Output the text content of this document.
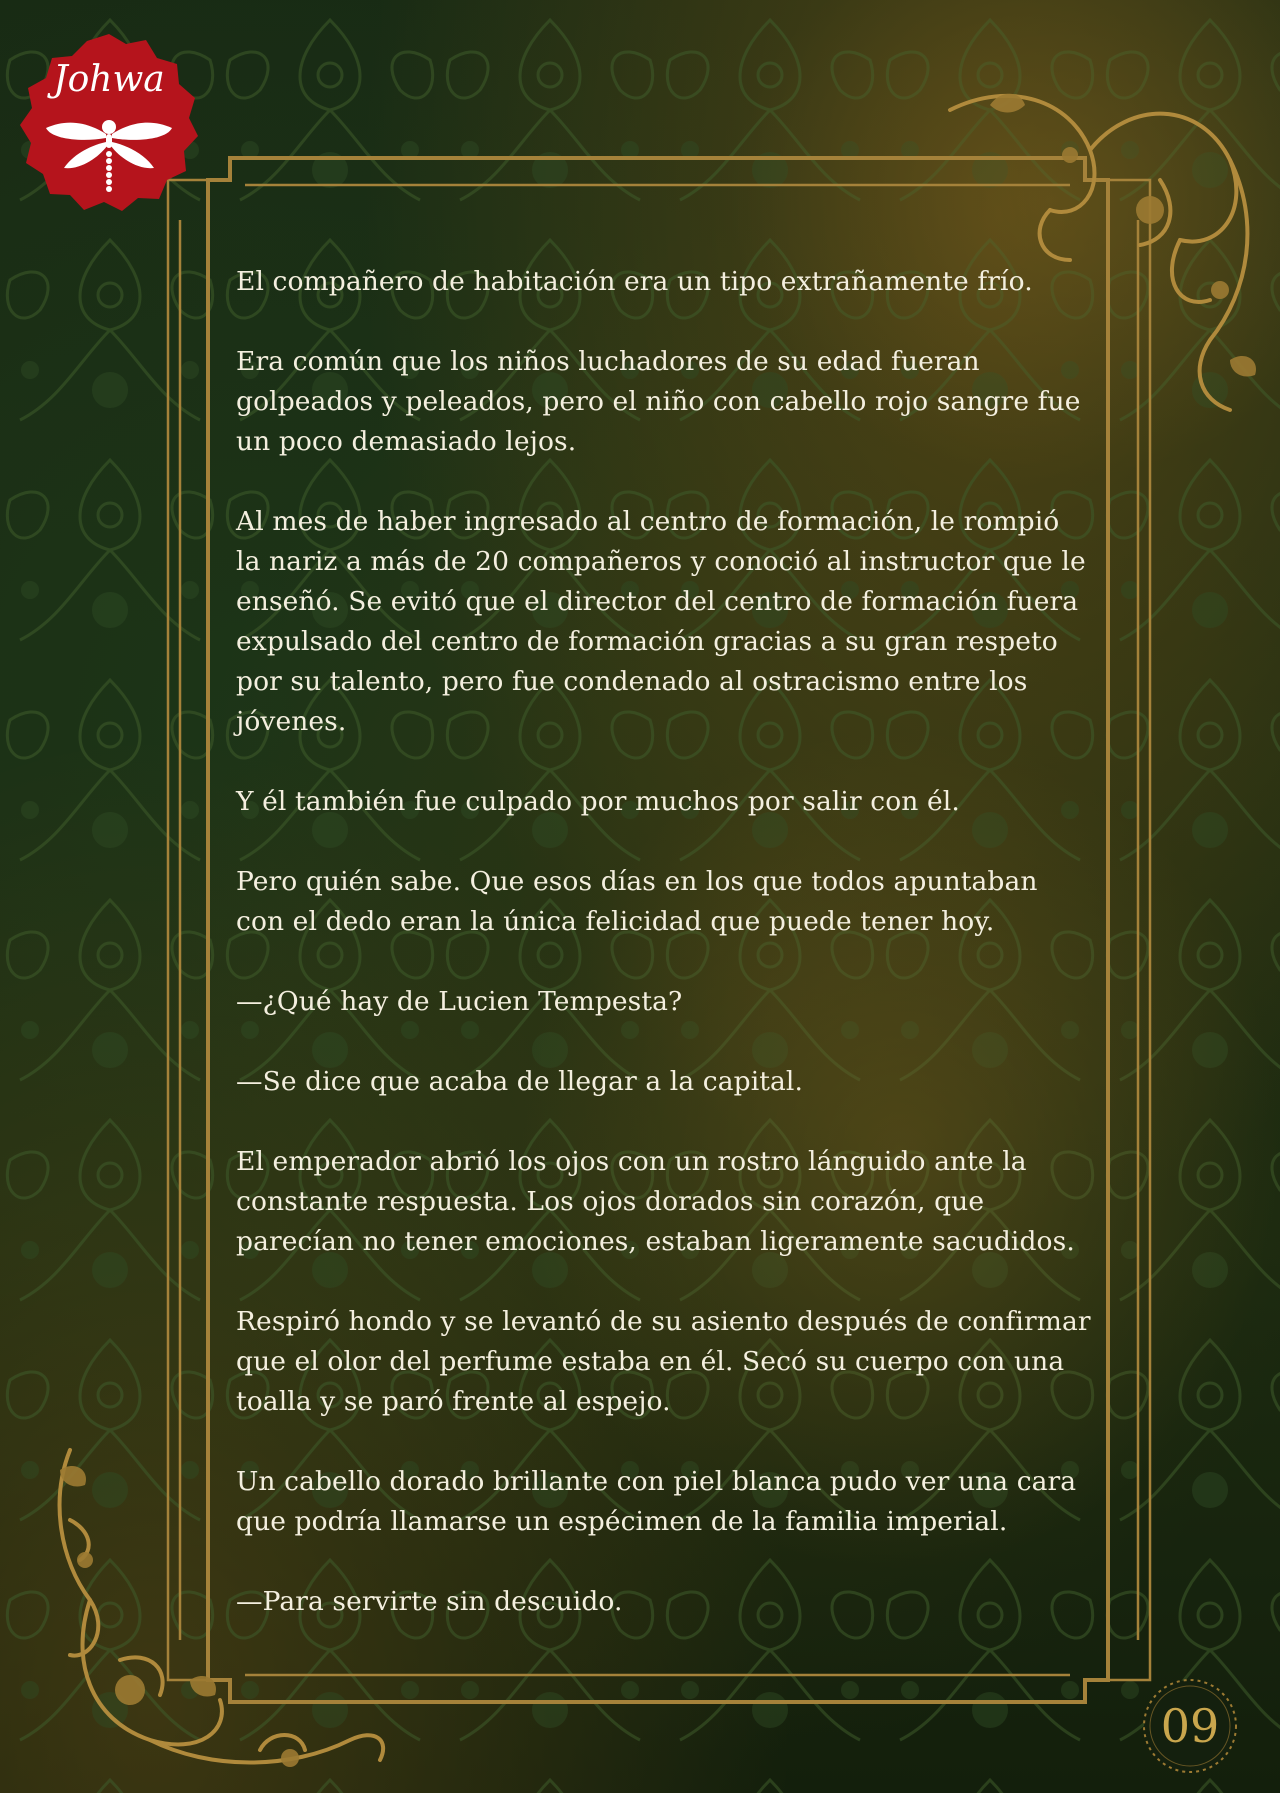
Johwa

El compañero de habitación era un tipo extrañamente frío.

Era común que los niños luchadores de su edad fueran golpeados y peleados, pero el niño con cabello rojo sangre fue un poco demasiado lejos.

Al mes de haber ingresado al centro de formación, le rompió la nariz a más de 20 compañeros y conoció al instructor que le enseñó. Se evitó que el director del centro de formación fuera expulsado del centro de formación gracias a su gran respeto por su talento, pero fue condenado al ostracismo entre los jóvenes.

Y él también fue culpado por muchos por salir con él.

Pero quién sabe. Que esos días en los que todos apuntaban con el dedo eran la única felicidad que puede tener hoy.

—¿Qué hay de Lucien Tempesta?

—Se dice que acaba de llegar a la capital.

El emperador abrió los ojos con un rostro lánguido ante la constante respuesta. Los ojos dorados sin corazón, que parecían no tener emociones, estaban ligeramente sacudidos.

Respiró hondo y se levantó de su asiento después de confirmar que el olor del perfume estaba en él. Secó su cuerpo con una toalla y se paró frente al espejo.

Un cabello dorado brillante con piel blanca pudo ver una cara que podría llamarse un espécimen de la familia imperial.

—Para servirte sin descuido.

09
